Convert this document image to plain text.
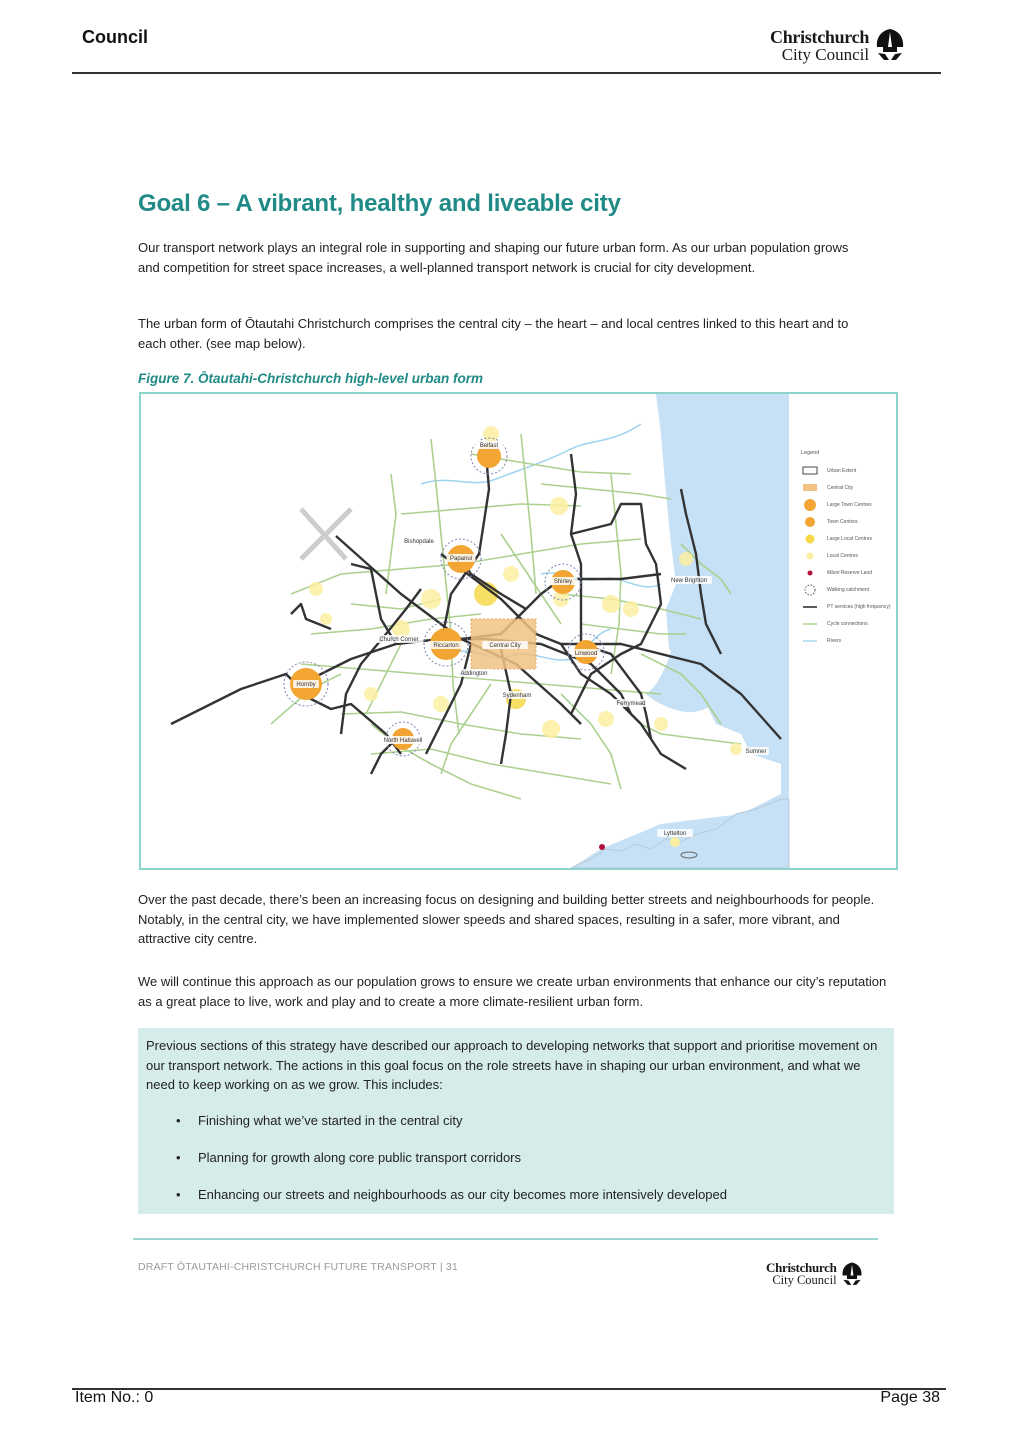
Council	Christchurch
City Council
Goal 6 – A vibrant, healthy and liveable city
Our transport network plays an integral role in supporting and shaping our future urban form. As our urban population grows and competition for street space increases, a well-planned transport network is crucial for city development.
The urban form of Ōtautahi Christchurch comprises the central city – the heart – and local centres linked to this heart and to each other. (see map below).
Figure 7. Ōtautahi-Christchurch high-level urban form
Belfast
Bishopdale
Papanui
Shirley	New Brighton
Church Corner
Riccarton	Central City
Linwood
Hornby
Addington
Sydenham
Ferrymead
North Halswell
Sumner
Lyttelton
Legend
Urban Extent
Central City
Large Town Centres
Town Centres
Large Local Centres
Local Centres
Māori Reserve Land
Walking catchment
PT services (high frequency)
Cycle connections
Rivers
Over the past decade, there’s been an increasing focus on designing and building better streets and neighbourhoods for people. Notably, in the central city, we have implemented slower speeds and shared spaces, resulting in a safer, more vibrant, and attractive city centre.
We will continue this approach as our population grows to ensure we create urban environments that enhance our city’s reputation as a great place to live, work and play and to create a more climate-resilient urban form.
Previous sections of this strategy have described our approach to developing networks that support and prioritise movement on our transport network. The actions in this goal focus on the role streets have in shaping our urban environment, and what we need to keep working on as we grow. This includes:
• Finishing what we’ve started in the central city
• Planning for growth along core public transport corridors
• Enhancing our streets and neighbourhoods as our city becomes more intensively developed
DRAFT ŌTAUTAHI-CHRISTCHURCH FUTURE TRANSPORT | 31	Christchurch
City Council
Item No.: 0	Page 38
